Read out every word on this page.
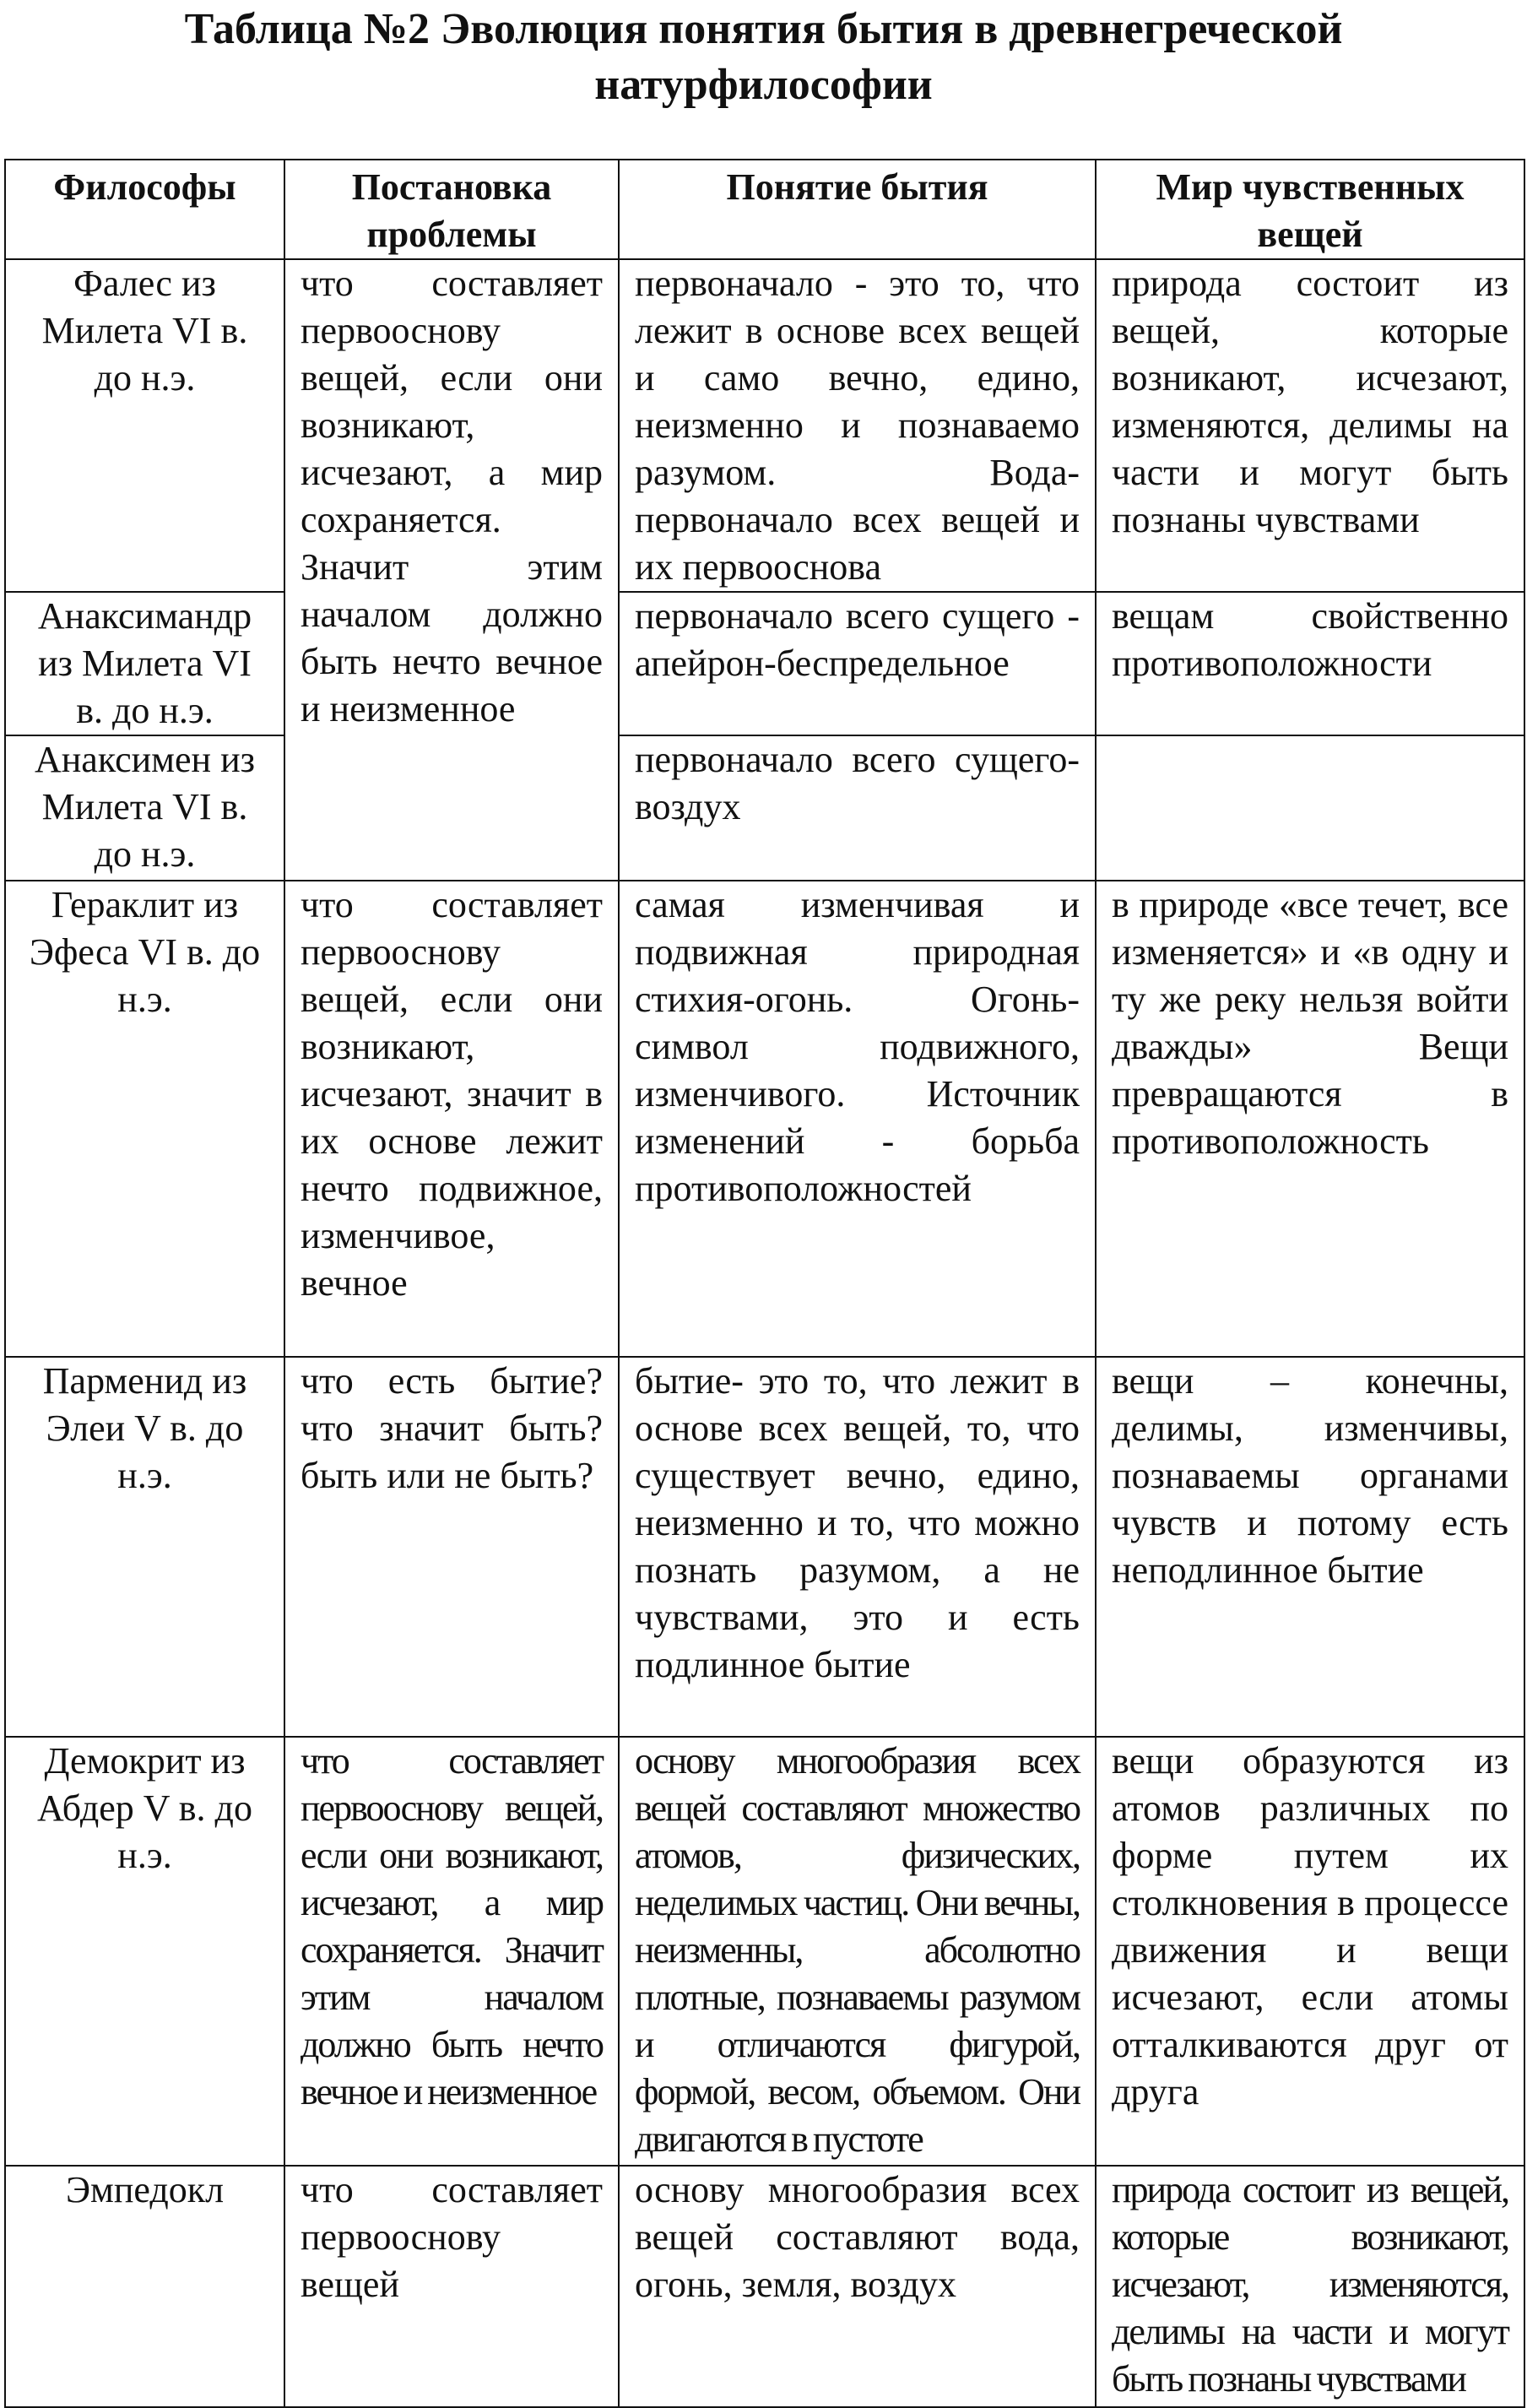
Таблица №2 Эволюция понятия бытия в древнегреческой
натурфилософии
Философы	Постановка проблемы	Понятие бытия	Мир чувственных вещей
Фалес из Милета VI в. до н.э.	что составляет первооснову вещей, если они возникают, исчезают, а мир сохраняется. Значит этим началом должно быть нечто вечное и неизменное	первоначало - это то, что лежит в основе всех вещей и само вечно, едино, неизменно и познаваемо разумом. Вода- первоначало всех вещей и их первооснова	природа состоит из вещей, которые возникают, исчезают, изменяются, делимы на части и могут быть познаны чувствами
Анаксимандр из Милета VI в. до н.э.		первоначало всего сущего - апейрон-беспредельное	вещам свойственно противоположности
Анаксимен из Милета VI в. до н.э.		первоначало всего сущего- воздух	
Гераклит из Эфеса VI в. до н.э.	что составляет первооснову вещей, если они возникают, исчезают, значит в их основе лежит нечто подвижное, изменчивое, вечное	самая изменчивая и подвижная природная стихия-огонь. Огонь-символ подвижного, изменчивого. Источник изменений - борьба противоположностей	в природе «все течет, все изменяется» и «в одну и ту же реку нельзя войти дважды» Вещи превращаются в противоположность
Парменид из Элеи V в. до н.э.	что есть бытие? что значит быть? быть или не быть?	бытие- это то, что лежит в основе всех вещей, то, что существует вечно, едино, неизменно и то, что можно познать разумом, а не чувствами, это и есть подлинное бытие	вещи – конечны, делимы, изменчивы, познаваемы органами чувств и потому есть неподлинное бытие
Демокрит из Абдер V в. до н.э.	что составляет первооснову вещей, если они возникают, исчезают, а мир сохраняется. Значит этим началом должно быть нечто вечное и неизменное	основу многообразия всех вещей составляют множество атомов, физических, неделимых частиц. Они вечны, неизменны, абсолютно плотные, познаваемы разумом и отличаются фигурой, формой, весом, объемом. Они двигаются в пустоте	вещи образуются из атомов различных по форме путем их столкновения в процессе движения и вещи исчезают, если атомы отталкиваются друг от друга
Эмпедокл	что составляет первооснову вещей	основу многообразия всех вещей составляют вода, огонь, земля, воздух	природа состоит из вещей, которые возникают, исчезают, изменяются, делимы на части и могут быть познаны чувствами
